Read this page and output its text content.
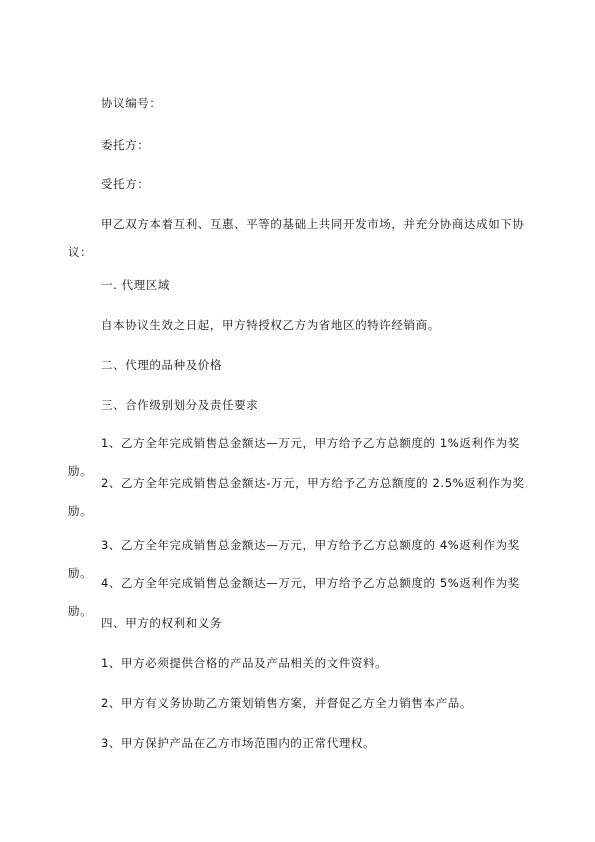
协议编号：
委托方：
受托方：
甲乙双方本着互利、互惠、平等的基础上共同开发市场，并充分协商达成如下协议：
一. 代理区域
自本协议生效之日起，甲方特授权乙方为省地区的特许经销商。
二、代理的品种及价格
三、合作级别划分及责任要求
1、乙方全年完成销售总金额达—万元，甲方给予乙方总额度的 1%返利作为奖励。
2、乙方全年完成销售总金额达-万元，甲方给予乙方总额度的 2.5%返利作为奖励。
3、乙方全年完成销售总金额达—万元，甲方给予乙方总额度的 4%返利作为奖励。
4、乙方全年完成销售总金额达—万元，甲方给予乙方总额度的 5%返利作为奖励。
四、甲方的权利和义务
1、甲方必须提供合格的产品及产品相关的文件资料。
2、甲方有义务协助乙方策划销售方案，并督促乙方全力销售本产品。
3、甲方保护产品在乙方市场范围内的正常代理权。
